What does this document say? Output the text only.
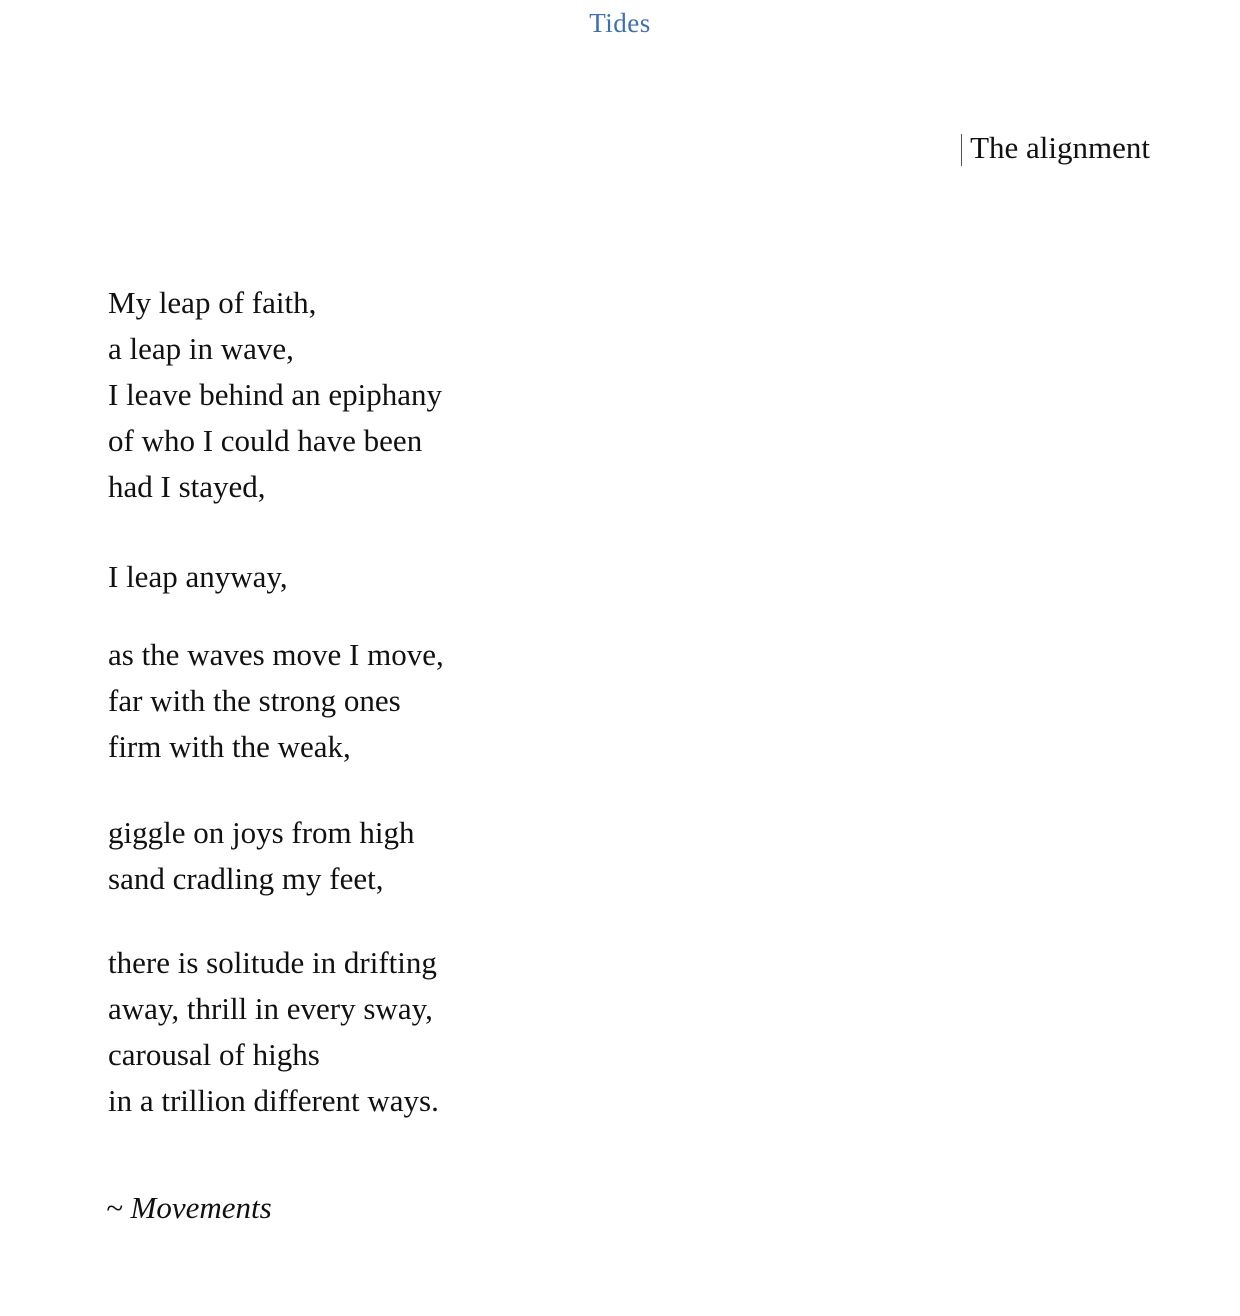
Tides
The alignment
My leap of faith,
a leap in wave,
I leave behind an epiphany
of who I could have been
had I stayed,
I leap anyway,
as the waves move I move,
far with the strong ones
firm with the weak,
giggle on joys from high
sand cradling my feet,
there is solitude in drifting
away, thrill in every sway,
carousal of highs
in a trillion different ways.
~ Movements
